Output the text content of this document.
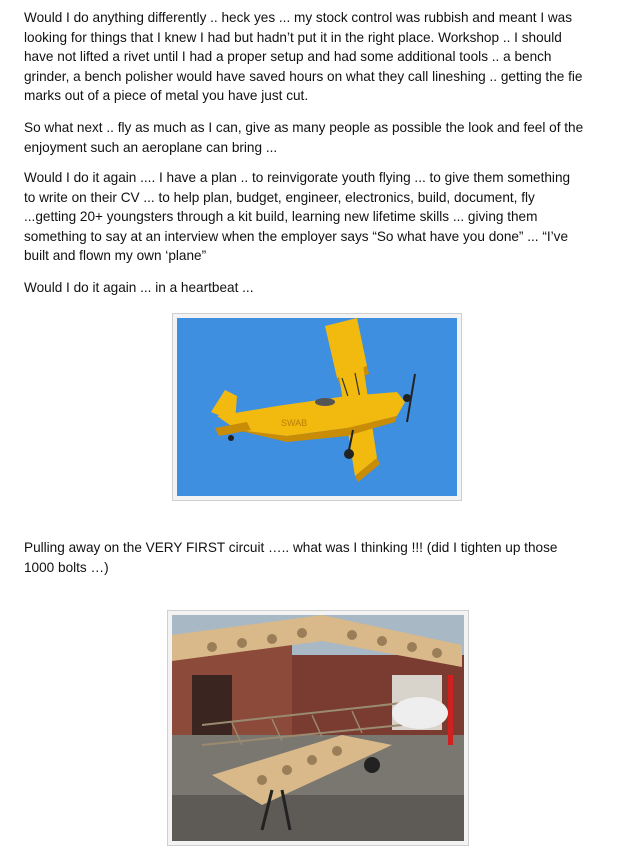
Would I do anything differently .. heck yes ... my stock control was rubbish and meant I was looking for things that I knew I had but hadn’t put it in the right place. Workshop .. I should have not lifted a rivet until I had a proper setup and had some additional tools .. a bench grinder, a bench polisher would have saved hours on what they call lineshing .. getting the fie marks out of a piece of metal you have just cut.

So what next .. fly as much as I can, give as many people as possible the look and feel of the enjoyment such an aeroplane can bring ...

Would I do it again .... I have a plan .. to reinvigorate youth flying ... to give them something to write on their CV ... to help plan, budget, engineer, electronics, build, document, fly ...getting 20+ youngsters through a kit build, learning new lifetime skills ... giving them something to say at an interview when the employer says “So what have you done” ... “I’ve built and flown my own ‘plane”

Would I do it again ... in a heartbeat ...

SWAB

Pulling away on the VERY FIRST circuit ….. what was I thinking !!! (did I tighten up those 1000 bolts …)
